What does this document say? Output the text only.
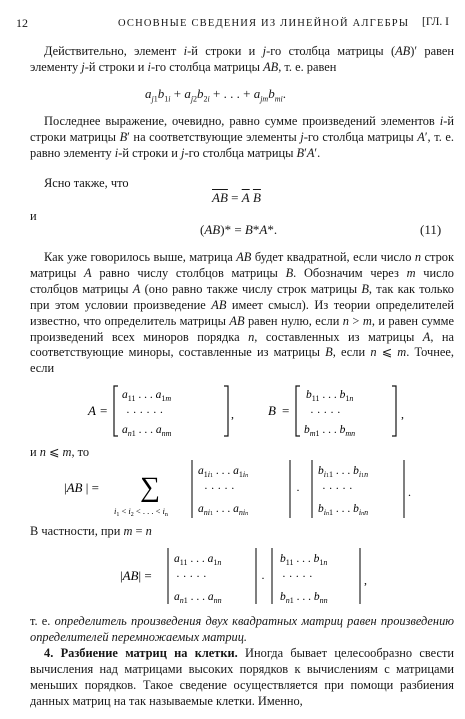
12	ОСНОВНЫЕ СВЕДЕНИЯ ИЗ ЛИНЕЙНОЙ АЛГЕБРЫ [ГЛ. I

Действительно, элемент i-й строки и j-го столбца матрицы (AB)′ равен элементу j-й строки и i-го столбца матрицы AB, т. е. равен

$a_{j1}b_{1i} + a_{j2}b_{2i}$ + . . . + $a_{jm}b_{mi}$.

Последнее выражение, очевидно, равно сумме произведений элементов i-й строки матрицы B′ на соответствующие элементы j-го столбца матрицы A′, т. е. равно элементу i-й строки и j-го столбца матрицы B′A′.

Ясно также, что
$\overline{AB} = \overline{A}$ $\overline{B}$
и
(AB)* = B*A*.	(11)

Как уже говорилось выше, матрица AB будет квадратной, если число n строк матрицы A равно числу столбцов матрицы B. Обозначим через m число столбцов матрицы A (оно равно также числу строк матрицы B, так как только при этом условии произведение AB имеет смысл). Из теории определителей известно, что определитель матрицы AB равен нулю, если n > m, и равен сумме произведений всех миноров порядка n, составленных из матрицы A, на соответствующие миноры, составленные из матрицы B, если n ⩽ m. Точнее, если

A =
$a_{11}$ . . . $a_{1m}$
· · · · · ·
$a_{n1}$ . . . $a_{nm}$
,	B =
$b_{11}$ . . . $b_{1n}$
· · · · ·
$b_{m1}$ . . . $b_{mn}$
,
и n ⩽ m, то
|AB | = ∑
$i_1 < i_2$ < . . . < $i_n$
$a_{1i1}$ . . . $a_{1in}$
· · · · ·
$a_{ni1}$ . . . $a_{nin}$
·
$b_{i11}$ . . . $b_{i1n}$
· · · · ·
$b_{in1}$ . . . $b_{inn}$
.
В частности, при m = n
|AB| =
$a_{11}$ . . . $a_{1n}$
· · · · ·
$a_{n1}$ . . . $a_{nn}$
·
$b_{11}$ . . . $b_{1n}$
· · · · ·
$b_{n1}$ . . . $b_{nn}$
,

т. е. определитель произведения двух квадратных матриц равен произведению определителей перемножаемых матриц.

4. Разбиение матриц на клетки. Иногда бывает целесообразно свести вычисления над матрицами высоких порядков к вычислениям с матрицами меньших порядков. Такое сведение осуществляется при помощи разбиения данных матриц на так называемые клетки. Именно,
